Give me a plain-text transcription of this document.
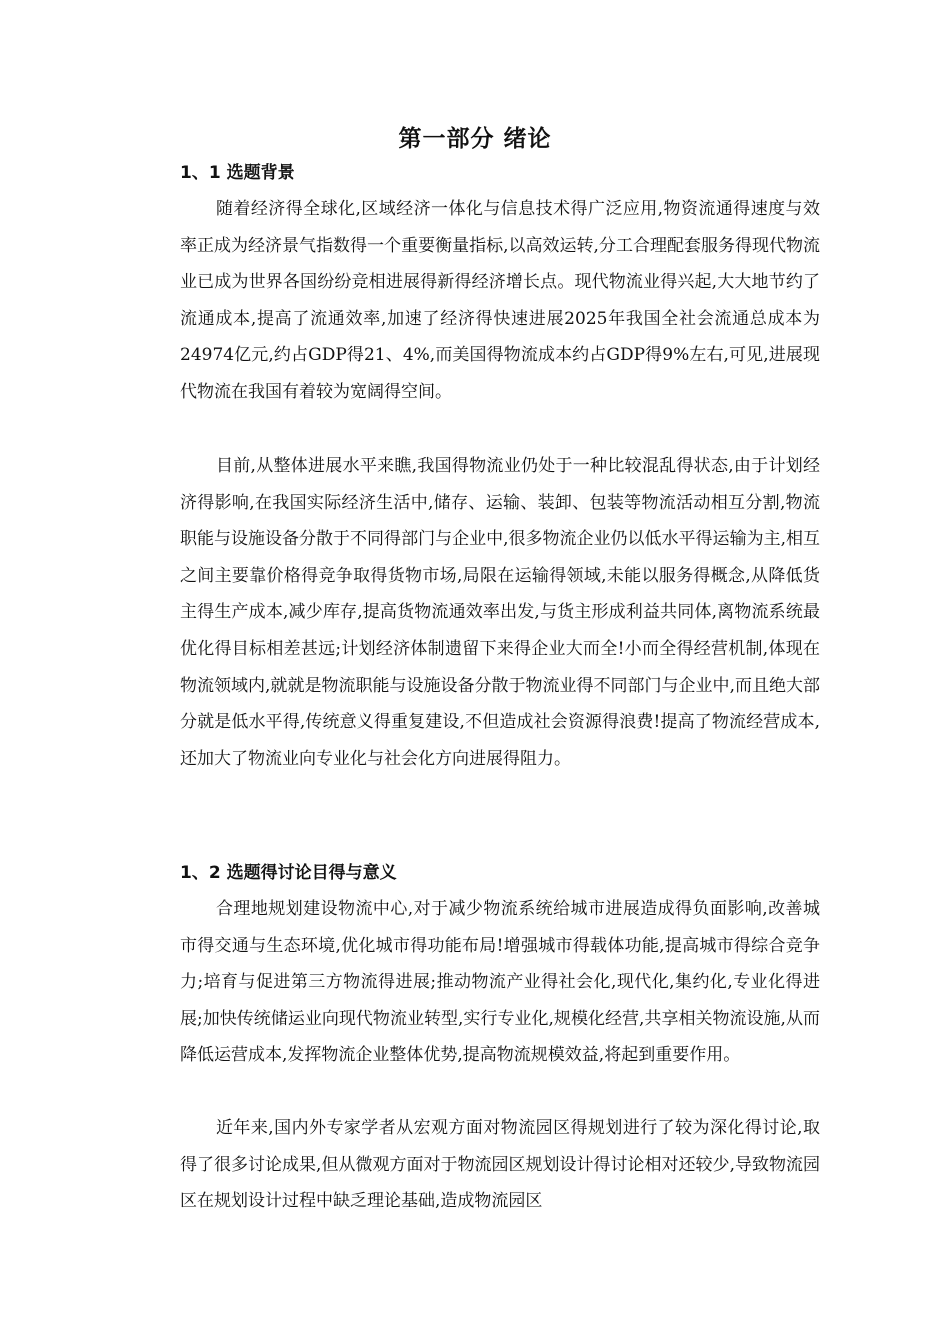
第一部分 绪论
1、1 选题背景

随着经济得全球化,区域经济一体化与信息技术得广泛应用,物资流通得速度与效率正成为经济景气指数得一个重要衡量指标,以高效运转,分工合理配套服务得现代物流业已成为世界各国纷纷竞相进展得新得经济增长点。现代物流业得兴起,大大地节约了流通成本,提高了流通效率,加速了经济得快速进展2025年我国全社会流通总成本为24974亿元,约占GDP得21、4%,而美国得物流成本约占GDP得9%左右,可见,进展现代物流在我国有着较为宽阔得空间。

目前,从整体进展水平来瞧,我国得物流业仍处于一种比较混乱得状态,由于计划经济得影响,在我国实际经济生活中,储存、运输、装卸、包装等物流活动相互分割,物流职能与设施设备分散于不同得部门与企业中,很多物流企业仍以低水平得运输为主,相互之间主要靠价格得竞争取得货物市场,局限在运输得领域,未能以服务得概念,从降低货主得生产成本,减少库存,提高货物流通效率出发,与货主形成利益共同体,离物流系统最优化得目标相差甚远;计划经济体制遗留下来得企业大而全!小而全得经营机制,体现在物流领域内,就就是物流职能与设施设备分散于物流业得不同部门与企业中,而且绝大部分就是低水平得,传统意义得重复建设,不但造成社会资源得浪费!提高了物流经营成本,还加大了物流业向专业化与社会化方向进展得阻力。

1、2 选题得讨论目得与意义

合理地规划建设物流中心,对于减少物流系统给城市进展造成得负面影响,改善城市得交通与生态环境,优化城市得功能布局!增强城市得载体功能,提高城市得综合竞争力;培育与促进第三方物流得进展;推动物流产业得社会化,现代化,集约化,专业化得进展;加快传统储运业向现代物流业转型,实行专业化,规模化经营,共享相关物流设施,从而降低运营成本,发挥物流企业整体优势,提高物流规模效益,将起到重要作用。

近年来,国内外专家学者从宏观方面对物流园区得规划进行了较为深化得讨论,取得了很多讨论成果,但从微观方面对于物流园区规划设计得讨论相对还较少,导致物流园区在规划设计过程中缺乏理论基础,造成物流园区
